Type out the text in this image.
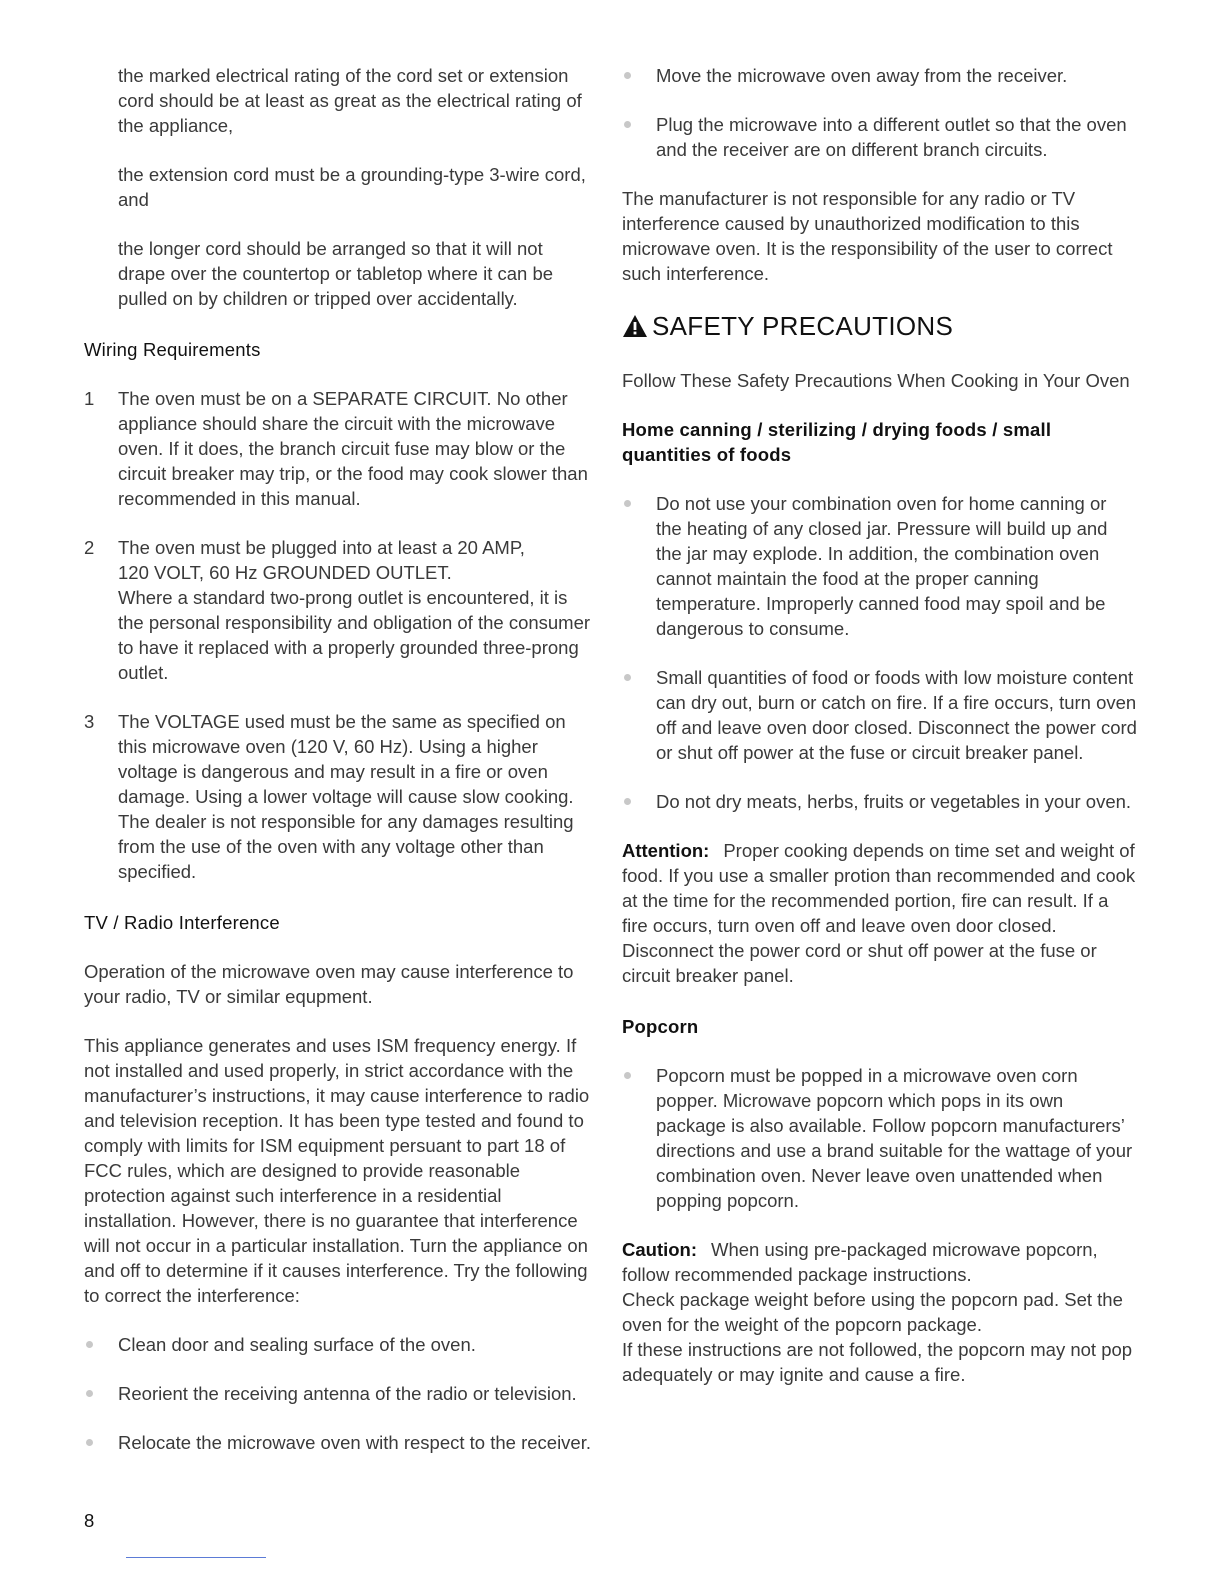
the marked electrical rating of the cord set or extension cord should be at least as great as the electrical rating of the appliance,

the extension cord must be a grounding-type 3-wire cord, and

the longer cord should be arranged so that it will not drape over the countertop or tabletop where it can be pulled on by children or tripped over accidentally.

Wiring Requirements
1 The oven must be on a SEPARATE CIRCUIT. No other appliance should share the circuit with the microwave oven. If it does, the branch circuit fuse may blow or the circuit breaker may trip, or the food may cook slower than recommended in this manual.

2 The oven must be plugged into at least a 20 AMP,

120 VOLT, 60 Hz GROUNDED OUTLET.

Where a standard two-prong outlet is encountered, it is the personal responsibility and obligation of the consumer to have it replaced with a properly grounded three-prong outlet.

3 The VOLTAGE used must be the same as specified on this microwave oven (120 V, 60 Hz). Using a higher voltage is dangerous and may result in a fire or oven damage. Using a lower voltage will cause slow cooking. The dealer is not responsible for any damages resulting from the use of the oven with any voltage other than specified.

TV / Radio Interference

Operation of the microwave oven may cause interference to your radio, TV or similar equpment.

This appliance generates and uses ISM frequency energy. If not installed and used properly, in strict accordance with the manufacturer’s instructions, it may cause interference to radio and television reception. It has been type tested and found to comply with limits for ISM equipment persuant to part 18 of FCC rules, which are designed to provide reasonable protection against such interference in a residential installation. However, there is no guarantee that interference will not occur in a particular installation. Turn the appliance on and off to determine if it causes interference. Try the following to correct the interference:

Clean door and sealing surface of the oven.

Reorient the receiving antenna of the radio or television.

Relocate the microwave oven with respect to the receiver.

Move the microwave oven away from the receiver.

Plug the microwave into a different outlet so that the oven and the receiver are on different branch circuits.

The manufacturer is not responsible for any radio or TV interference caused by unauthorized modification to this microwave oven. It is the responsibility of the user to correct such interference.

SAFETY PRECAUTIONS

Follow These Safety Precautions When Cooking in Your Oven

Home canning / sterilizing / drying foods / small quantities of foods

Do not use your combination oven for home canning or the heating of any closed jar. Pressure will build up and the jar may explode. In addition, the combination oven cannot maintain the food at the proper canning temperature. Improperly canned food may spoil and be dangerous to consume.

Small quantities of food or foods with low moisture content can dry out, burn or catch on fire. If a fire occurs, turn oven off and leave oven door closed. Disconnect the power cord or shut off power at the fuse or circuit breaker panel.

Do not dry meats, herbs, fruits or vegetables in your oven.

Attention: Proper cooking depends on time set and weight of food. If you use a smaller protion than recommended and cook at the time for the recommended portion, fire can result. If a fire occurs, turn oven off and leave oven door closed. Disconnect the power cord or shut off power at the fuse or circuit breaker panel.

Popcorn

Popcorn must be popped in a microwave oven corn popper. Microwave popcorn which pops in its own package is also available. Follow popcorn manufacturers’ directions and use a brand suitable for the wattage of your combination oven. Never leave oven unattended when popping popcorn.

Caution: When using pre-packaged microwave popcorn, follow recommended package instructions.

Check package weight before using the popcorn pad. Set the oven for the weight of the popcorn package.

If these instructions are not followed, the popcorn may not pop adequately or may ignite and cause a fire.

8
